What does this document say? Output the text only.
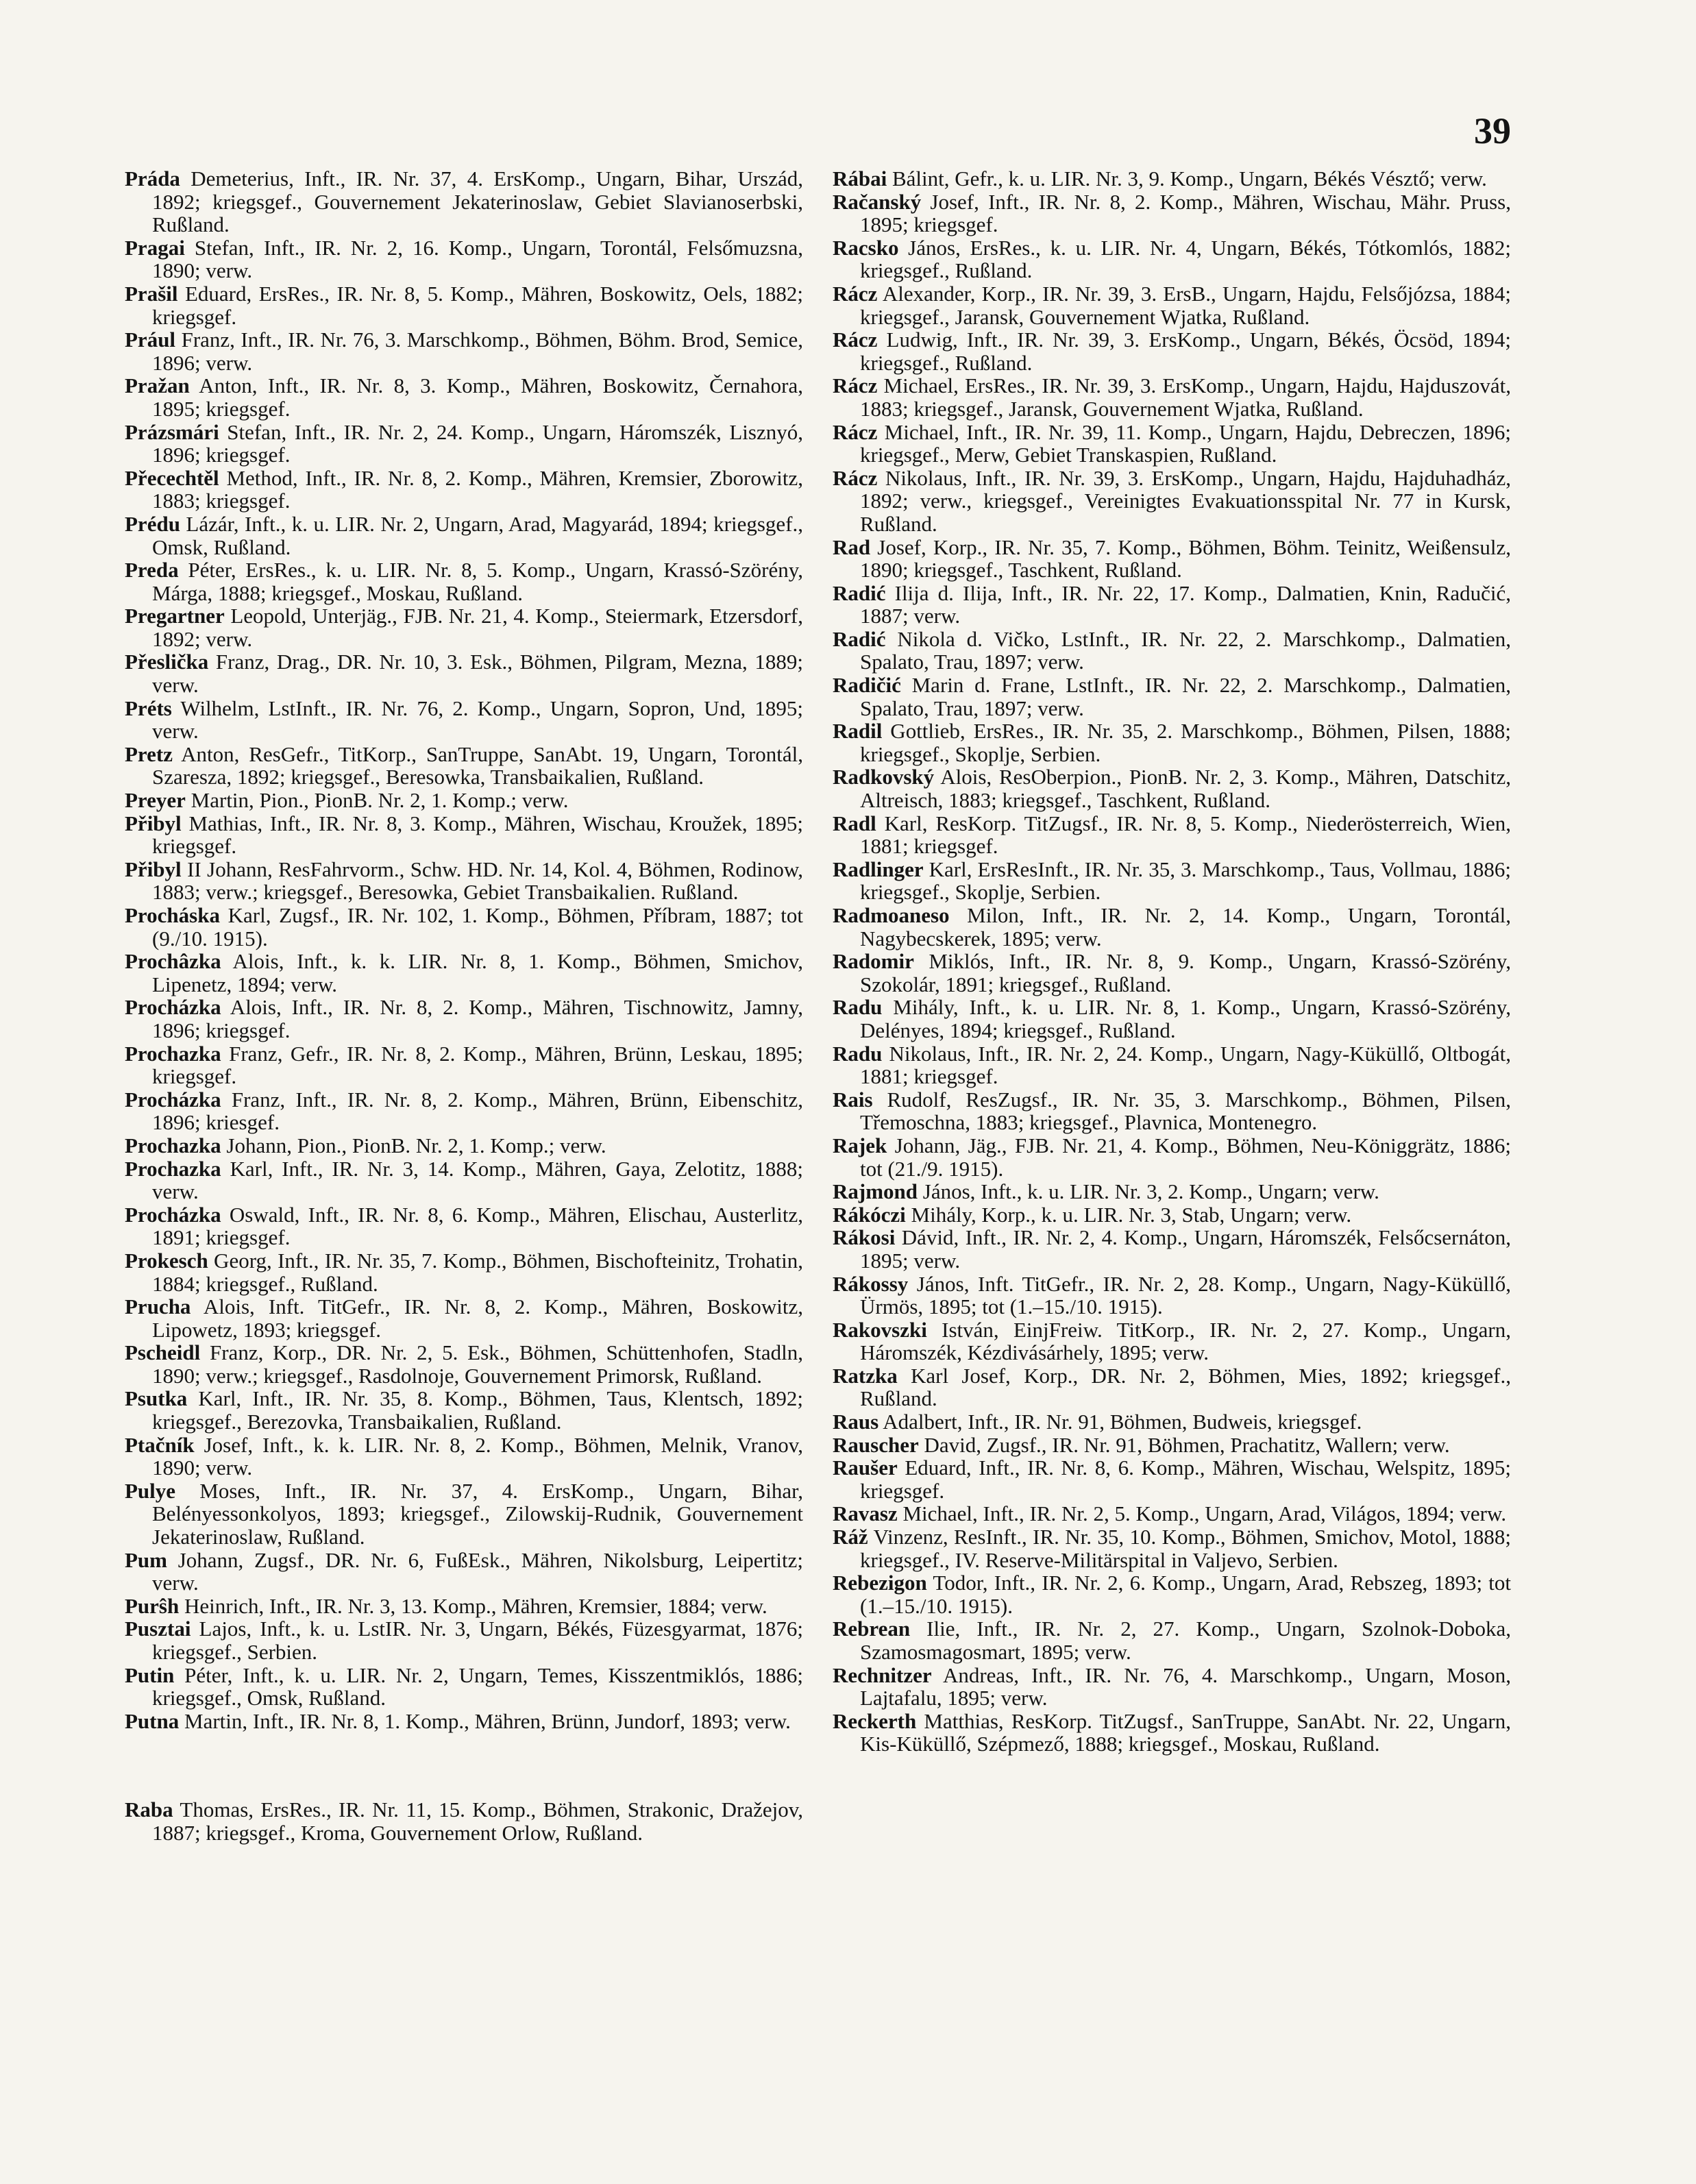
39

Práda Demeterius, Inft., IR. Nr. 37, 4. ErsKomp., Ungarn, Bihar, Urszád, 1892; kriegsgef., Gouvernement Jekaterinoslaw, Gebiet Slavianoserbski, Rußland.

Pragai Stefan, Inft., IR. Nr. 2, 16. Komp., Ungarn, Torontál, Felsőmuzsna, 1890; verw.

Prašil Eduard, ErsRes., IR. Nr. 8, 5. Komp., Mähren, Boskowitz, Oels, 1882; kriegsgef.

Prául Franz, Inft., IR. Nr. 76, 3. Marschkomp., Böhmen, Böhm. Brod, Semice, 1896; verw.

Pražan Anton, Inft., IR. Nr. 8, 3. Komp., Mähren, Boskowitz, Černahora, 1895; kriegsgef.

Prázsmári Stefan, Inft., IR. Nr. 2, 24. Komp., Ungarn, Háromszék, Lisznyó, 1896; kriegsgef.

Přecechtěl Method, Inft., IR. Nr. 8, 2. Komp., Mähren, Kremsier, Zborowitz, 1883; kriegsgef.

Prédu Lázár, Inft., k. u. LIR. Nr. 2, Ungarn, Arad, Magyarád, 1894; kriegsgef., Omsk, Rußland.

Preda Péter, ErsRes., k. u. LIR. Nr. 8, 5. Komp., Ungarn, Krassó-Szörény, Márga, 1888; kriegsgef., Moskau, Rußland.

Pregartner Leopold, Unterjäg., FJB. Nr. 21, 4. Komp., Steiermark, Etzersdorf, 1892; verw.

Přeslička Franz, Drag., DR. Nr. 10, 3. Esk., Böhmen, Pilgram, Mezna, 1889; verw.

Préts Wilhelm, LstInft., IR. Nr. 76, 2. Komp., Ungarn, Sopron, Und, 1895; verw.

Pretz Anton, ResGefr., TitKorp., SanTruppe, SanAbt. 19, Ungarn, Torontál, Szaresza, 1892; kriegsgef., Beresowka, Transbaikalien, Rußland.

Preyer Martin, Pion., PionB. Nr. 2, 1. Komp.; verw.

Přibyl Mathias, Inft., IR. Nr. 8, 3. Komp., Mähren, Wischau, Kroužek, 1895; kriegsgef.

Přibyl II Johann, ResFahrvorm., Schw. HD. Nr. 14, Kol. 4, Böhmen, Rodinow, 1883; verw.; kriegsgef., Beresowka, Gebiet Transbaikalien. Rußland.

Procháska Karl, Zugsf., IR. Nr. 102, 1. Komp., Böhmen, Příbram, 1887; tot (9./10. 1915).

Prochâzka Alois, Inft., k. k. LIR. Nr. 8, 1. Komp., Böhmen, Smichov, Lipenetz, 1894; verw.

Procházka Alois, Inft., IR. Nr. 8, 2. Komp., Mähren, Tischnowitz, Jamny, 1896; kriegsgef.

Prochazka Franz, Gefr., IR. Nr. 8, 2. Komp., Mähren, Brünn, Leskau, 1895; kriegsgef.

Procházka Franz, Inft., IR. Nr. 8, 2. Komp., Mähren, Brünn, Eibenschitz, 1896; kriesgef.

Prochazka Johann, Pion., PionB. Nr. 2, 1. Komp.; verw.

Prochazka Karl, Inft., IR. Nr. 3, 14. Komp., Mähren, Gaya, Zelotitz, 1888; verw.

Procházka Oswald, Inft., IR. Nr. 8, 6. Komp., Mähren, Elischau, Austerlitz, 1891; kriegsgef.

Prokesch Georg, Inft., IR. Nr. 35, 7. Komp., Böhmen, Bischofteinitz, Trohatin, 1884; kriegsgef., Rußland.

Prucha Alois, Inft. TitGefr., IR. Nr. 8, 2. Komp., Mähren, Boskowitz, Lipowetz, 1893; kriegsgef.

Pscheidl Franz, Korp., DR. Nr. 2, 5. Esk., Böhmen, Schüttenhofen, Stadln, 1890; verw.; kriegsgef., Rasdolnoje, Gouvernement Primorsk, Rußland.

Psutka Karl, Inft., IR. Nr. 35, 8. Komp., Böhmen, Taus, Klentsch, 1892; kriegsgef., Berezovka, Transbaikalien, Rußland.

Ptačník Josef, Inft., k. k. LIR. Nr. 8, 2. Komp., Böhmen, Melnik, Vranov, 1890; verw.

Pulye Moses, Inft., IR. Nr. 37, 4. ErsKomp., Ungarn, Bihar, Belényessonkolyos, 1893; kriegsgef., Zilowskij-Rudnik, Gouvernement Jekaterinoslaw, Rußland.

Pum Johann, Zugsf., DR. Nr. 6, FußEsk., Mähren, Nikolsburg, Leipertitz; verw.

Purŝh Heinrich, Inft., IR. Nr. 3, 13. Komp., Mähren, Kremsier, 1884; verw.

Pusztai Lajos, Inft., k. u. LstIR. Nr. 3, Ungarn, Békés, Füzesgyarmat, 1876; kriegsgef., Serbien.

Putin Péter, Inft., k. u. LIR. Nr. 2, Ungarn, Temes, Kisszentmiklós, 1886; kriegsgef., Omsk, Rußland.

Putna Martin, Inft., IR. Nr. 8, 1. Komp., Mähren, Brünn, Jundorf, 1893; verw.

Raba Thomas, ErsRes., IR. Nr. 11, 15. Komp., Böhmen, Strakonic, Dražejov, 1887; kriegsgef., Kroma, Gouvernement Orlow, Rußland.

Rábai Bálint, Gefr., k. u. LIR. Nr. 3, 9. Komp., Ungarn, Békés Vésztő; verw.

Račanský Josef, Inft., IR. Nr. 8, 2. Komp., Mähren, Wischau, Mähr. Pruss, 1895; kriegsgef.

Racsko János, ErsRes., k. u. LIR. Nr. 4, Ungarn, Békés, Tótkomlós, 1882; kriegsgef., Rußland.

Rácz Alexander, Korp., IR. Nr. 39, 3. ErsB., Ungarn, Hajdu, Felsőjózsa, 1884; kriegsgef., Jaransk, Gouvernement Wjatka, Rußland.

Rácz Ludwig, Inft., IR. Nr. 39, 3. ErsKomp., Ungarn, Békés, Öcsöd, 1894; kriegsgef., Rußland.

Rácz Michael, ErsRes., IR. Nr. 39, 3. ErsKomp., Ungarn, Hajdu, Hajduszovát, 1883; kriegsgef., Jaransk, Gouvernement Wjatka, Rußland.

Rácz Michael, Inft., IR. Nr. 39, 11. Komp., Ungarn, Hajdu, Debreczen, 1896; kriegsgef., Merw, Gebiet Transkaspien, Rußland.

Rácz Nikolaus, Inft., IR. Nr. 39, 3. ErsKomp., Ungarn, Hajdu, Hajduhadház, 1892; verw., kriegsgef., Vereinigtes Evakuationsspital Nr. 77 in Kursk, Rußland.

Rad Josef, Korp., IR. Nr. 35, 7. Komp., Böhmen, Böhm. Teinitz, Weißensulz, 1890; kriegsgef., Taschkent, Rußland.

Radić Ilija d. Ilija, Inft., IR. Nr. 22, 17. Komp., Dalmatien, Knin, Radučić, 1887; verw.

Radić Nikola d. Vičko, LstInft., IR. Nr. 22, 2. Marschkomp., Dalmatien, Spalato, Trau, 1897; verw.

Radičić Marin d. Frane, LstInft., IR. Nr. 22, 2. Marschkomp., Dalmatien, Spalato, Trau, 1897; verw.

Radil Gottlieb, ErsRes., IR. Nr. 35, 2. Marschkomp., Böhmen, Pilsen, 1888; kriegsgef., Skoplje, Serbien.

Radkovský Alois, ResOberpion., PionB. Nr. 2, 3. Komp., Mähren, Datschitz, Altreisch, 1883; kriegsgef., Taschkent, Rußland.

Radl Karl, ResKorp. TitZugsf., IR. Nr. 8, 5. Komp., Niederösterreich, Wien, 1881; kriegsgef.

Radlinger Karl, ErsResInft., IR. Nr. 35, 3. Marschkomp., Taus, Vollmau, 1886; kriegsgef., Skoplje, Serbien.

Radmoaneso Milon, Inft., IR. Nr. 2, 14. Komp., Ungarn, Torontál, Nagybecskerek, 1895; verw.

Radomir Miklós, Inft., IR. Nr. 8, 9. Komp., Ungarn, Krassó-Szörény, Szokolár, 1891; kriegsgef., Rußland.

Radu Mihály, Inft., k. u. LIR. Nr. 8, 1. Komp., Ungarn, Krassó-Szörény, Delényes, 1894; kriegsgef., Rußland.

Radu Nikolaus, Inft., IR. Nr. 2, 24. Komp., Ungarn, Nagy-Küküllő, Oltbogát, 1881; kriegsgef.

Rais Rudolf, ResZugsf., IR. Nr. 35, 3. Marschkomp., Böhmen, Pilsen, Třemoschna, 1883; kriegsgef., Plavnica, Montenegro.

Rajek Johann, Jäg., FJB. Nr. 21, 4. Komp., Böhmen, Neu-Königgrätz, 1886; tot (21./9. 1915).

Rajmond János, Inft., k. u. LIR. Nr. 3, 2. Komp., Ungarn; verw.

Rákóczi Mihály, Korp., k. u. LIR. Nr. 3, Stab, Ungarn; verw.

Rákosi Dávid, Inft., IR. Nr. 2, 4. Komp., Ungarn, Háromszék, Felsőcsernáton, 1895; verw.

Rákossy János, Inft. TitGefr., IR. Nr. 2, 28. Komp., Ungarn, Nagy-Küküllő, Ürmös, 1895; tot (1.–15./10. 1915).

Rakovszki István, EinjFreiw. TitKorp., IR. Nr. 2, 27. Komp., Ungarn, Háromszék, Kézdivásárhely, 1895; verw.

Ratzka Karl Josef, Korp., DR. Nr. 2, Böhmen, Mies, 1892; kriegsgef., Rußland.

Raus Adalbert, Inft., IR. Nr. 91, Böhmen, Budweis, kriegsgef.

Rauscher David, Zugsf., IR. Nr. 91, Böhmen, Prachatitz, Wallern; verw.

Raušer Eduard, Inft., IR. Nr. 8, 6. Komp., Mähren, Wischau, Welspitz, 1895; kriegsgef.

Ravasz Michael, Inft., IR. Nr. 2, 5. Komp., Ungarn, Arad, Világos, 1894; verw.

Ráž Vinzenz, ResInft., IR. Nr. 35, 10. Komp., Böhmen, Smichov, Motol, 1888; kriegsgef., IV. Reserve-Militärspital in Valjevo, Serbien.

Rebezigon Todor, Inft., IR. Nr. 2, 6. Komp., Ungarn, Arad, Rebszeg, 1893; tot (1.–15./10. 1915).

Rebrean Ilie, Inft., IR. Nr. 2, 27. Komp., Ungarn, Szolnok-Doboka, Szamosmagosmart, 1895; verw.

Rechnitzer Andreas, Inft., IR. Nr. 76, 4. Marschkomp., Ungarn, Moson, Lajtafalu, 1895; verw.

Reckerth Matthias, ResKorp. TitZugsf., SanTruppe, SanAbt. Nr. 22, Ungarn, Kis-Küküllő, Szépmező, 1888; kriegsgef., Moskau, Rußland.
